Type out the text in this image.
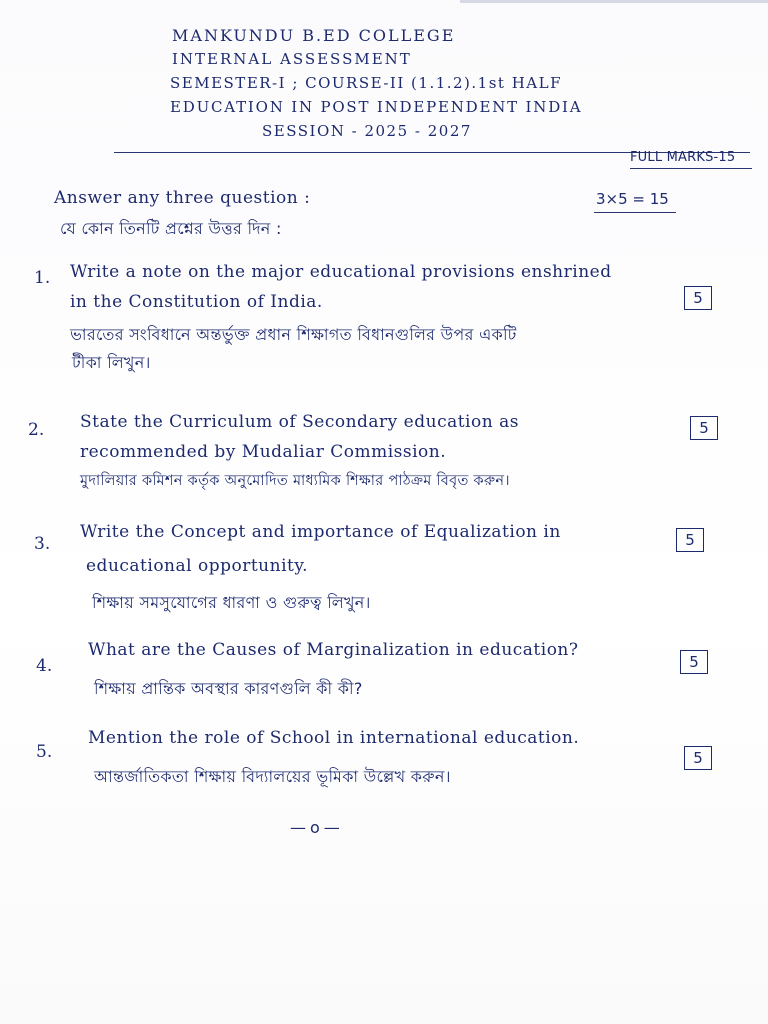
MANKUNDU B.ED COLLEGE
INTERNAL ASSESSMENT
SEMESTER-I ; COURSE-II (1.1.2).1st HALF
EDUCATION IN POST INDEPENDENT INDIA
SESSION - 2025 - 2027
FULL MARKS-15
Answer any three question :
যে কোন তিনটি প্রশ্নের উত্তর দিন :
3×5 = 15
1. Write a note on the major educational provisions enshrined
in the Constitution of India.	5
ভারতের সংবিধানে অন্তর্ভুক্ত প্রধান শিক্ষাগত বিধানগুলির উপর একটি
টীকা লিখুন।
2. State the Curriculum of Secondary education as
recommended by Mudaliar Commission.
5
মুদালিয়ার কমিশন কর্তৃক অনুমোদিত মাধ্যমিক শিক্ষার পাঠক্রম বিবৃত করুন।
3.
Write the Concept and importance of Equalization in
educational opportunity.
5
শিক্ষায় সমসুযোগের ধারণা ও গুরুত্ব লিখুন।
4.
What are the Causes of Marginalization in education?
5
শিক্ষায় প্রান্তিক অবস্থার কারণগুলি কী কী?
5.
Mention the role of School in international education.
5
আন্তর্জাতিকতা শিক্ষায় বিদ্যালয়ের ভূমিকা উল্লেখ করুন।
—o—
